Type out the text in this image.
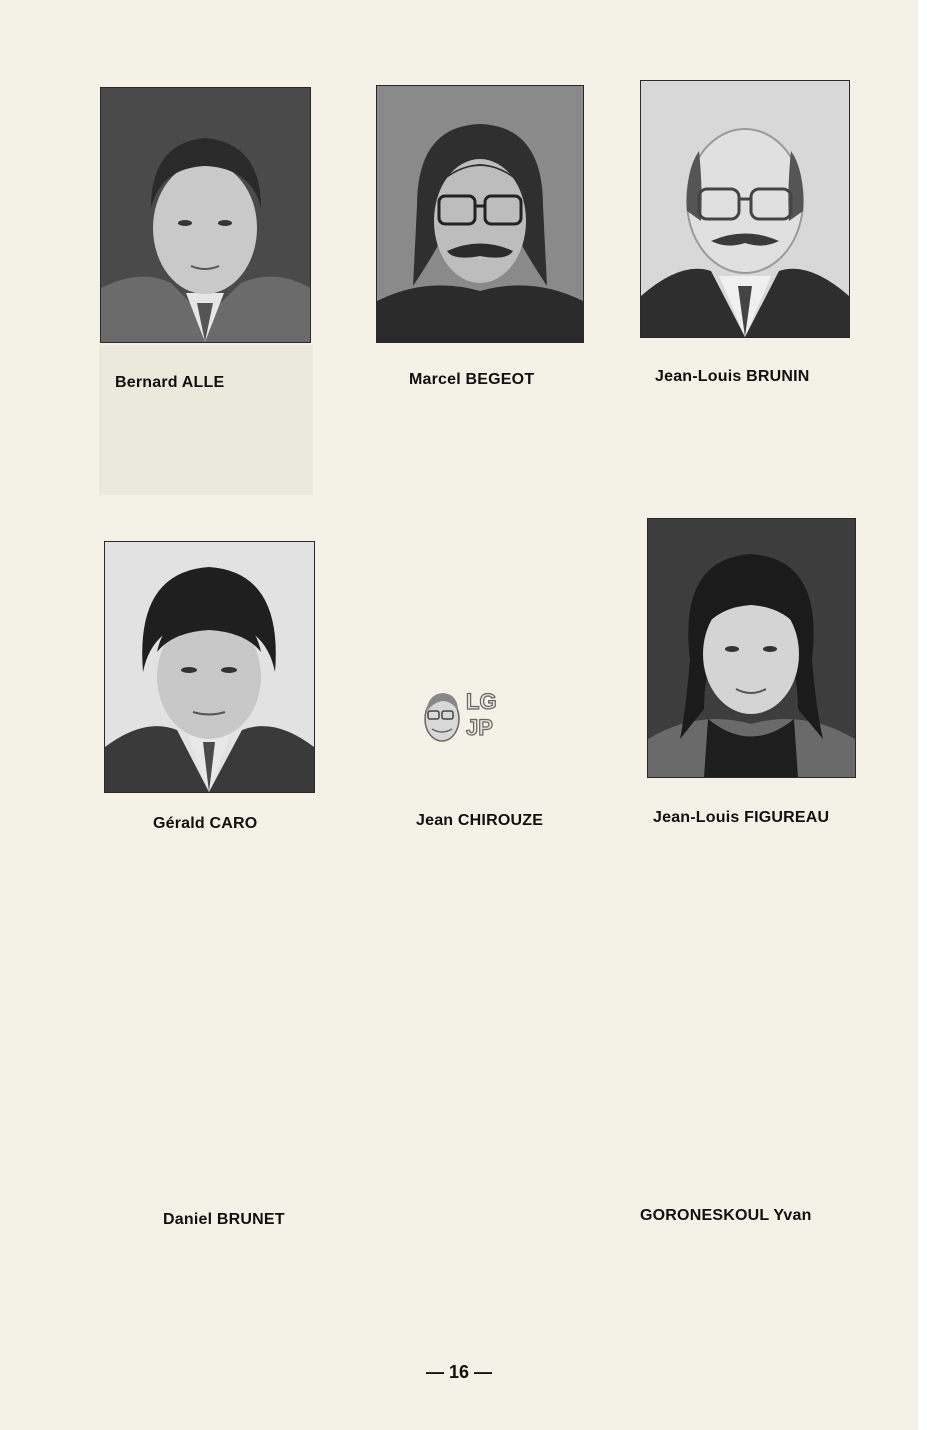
Bernard ALLE	Marcel BEGEOT	Jean-Louis BRUNIN
Gérald CARO	Jean CHIROUZE	Jean-Louis FIGUREAU
Daniel BRUNET	GORONESKOUL Yvan
LG
JP
— 16 —
